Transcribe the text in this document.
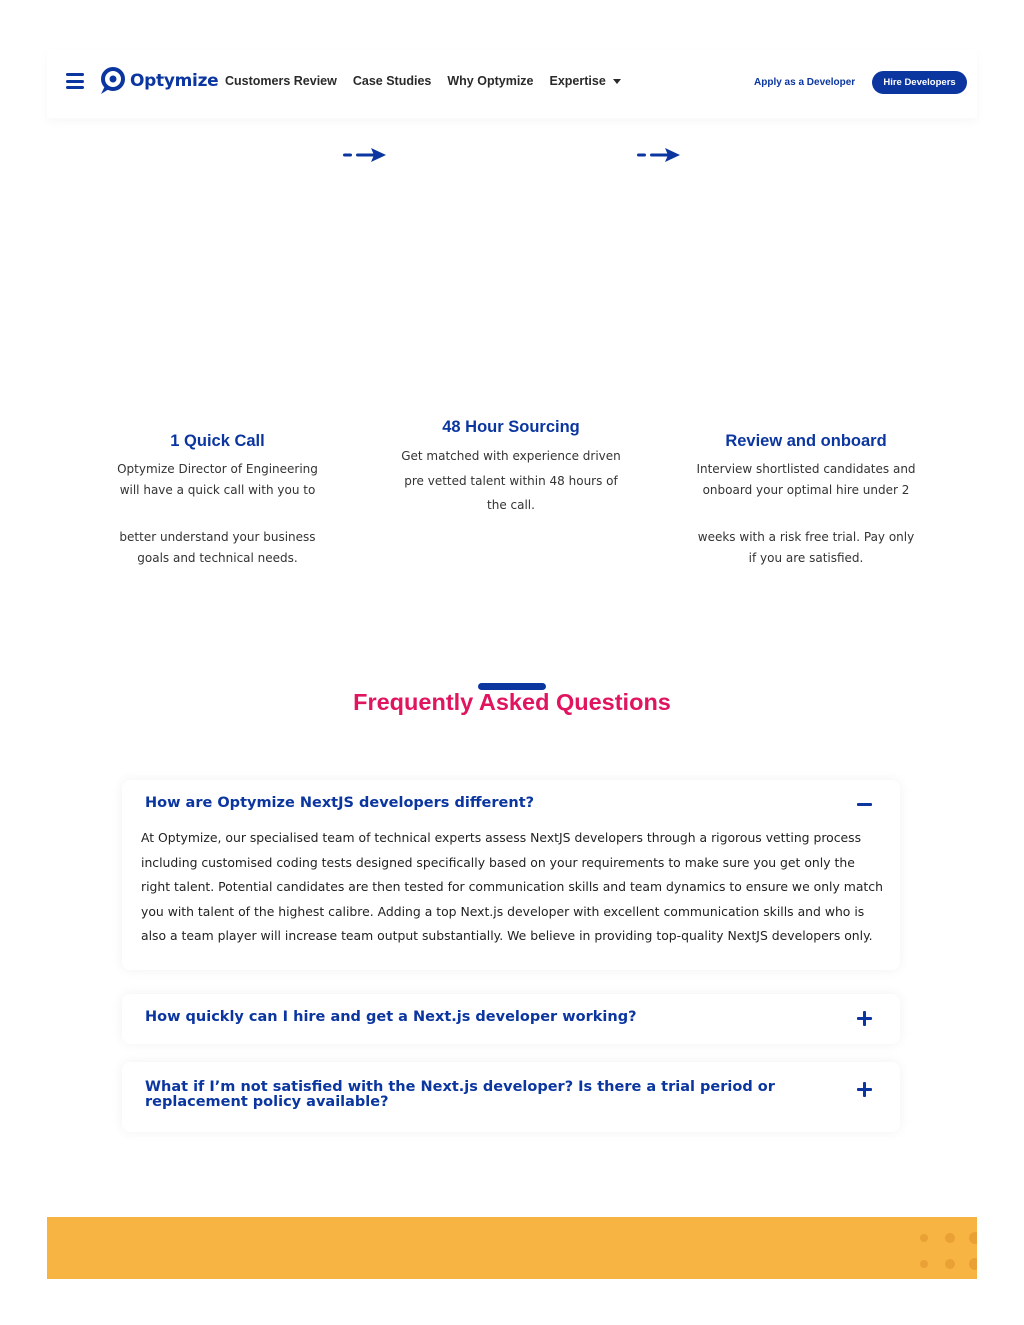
Optymize Customers Review Case Studies Why Optymize Expertise	Apply as a Developer	Hire Developers
1 Quick Call
Optymize Director of Engineering will have a quick call with you to
better understand your business goals and technical needs.
48 Hour Sourcing
Get matched with experience driven pre vetted talent within 48 hours of the call.
Review and onboard
Interview shortlisted candidates and onboard your optimal hire under 2
weeks with a risk free trial. Pay only if you are satisfied.
Frequently Asked Questions
How are Optymize NextJS developers different?
At Optymize, our specialised team of technical experts assess NextJS developers through a rigorous vetting process including customised coding tests designed specifically based on your requirements to make sure you get only the right talent. Potential candidates are then tested for communication skills and team dynamics to ensure we only match you with talent of the highest calibre. Adding a top Next.js developer with excellent communication skills and who is also a team player will increase team output substantially. We believe in providing top-quality NextJS developers only.
How quickly can I hire and get a Next.js developer working?
What if I’m not satisfied with the Next.js developer? Is there a trial period or replacement policy available?
